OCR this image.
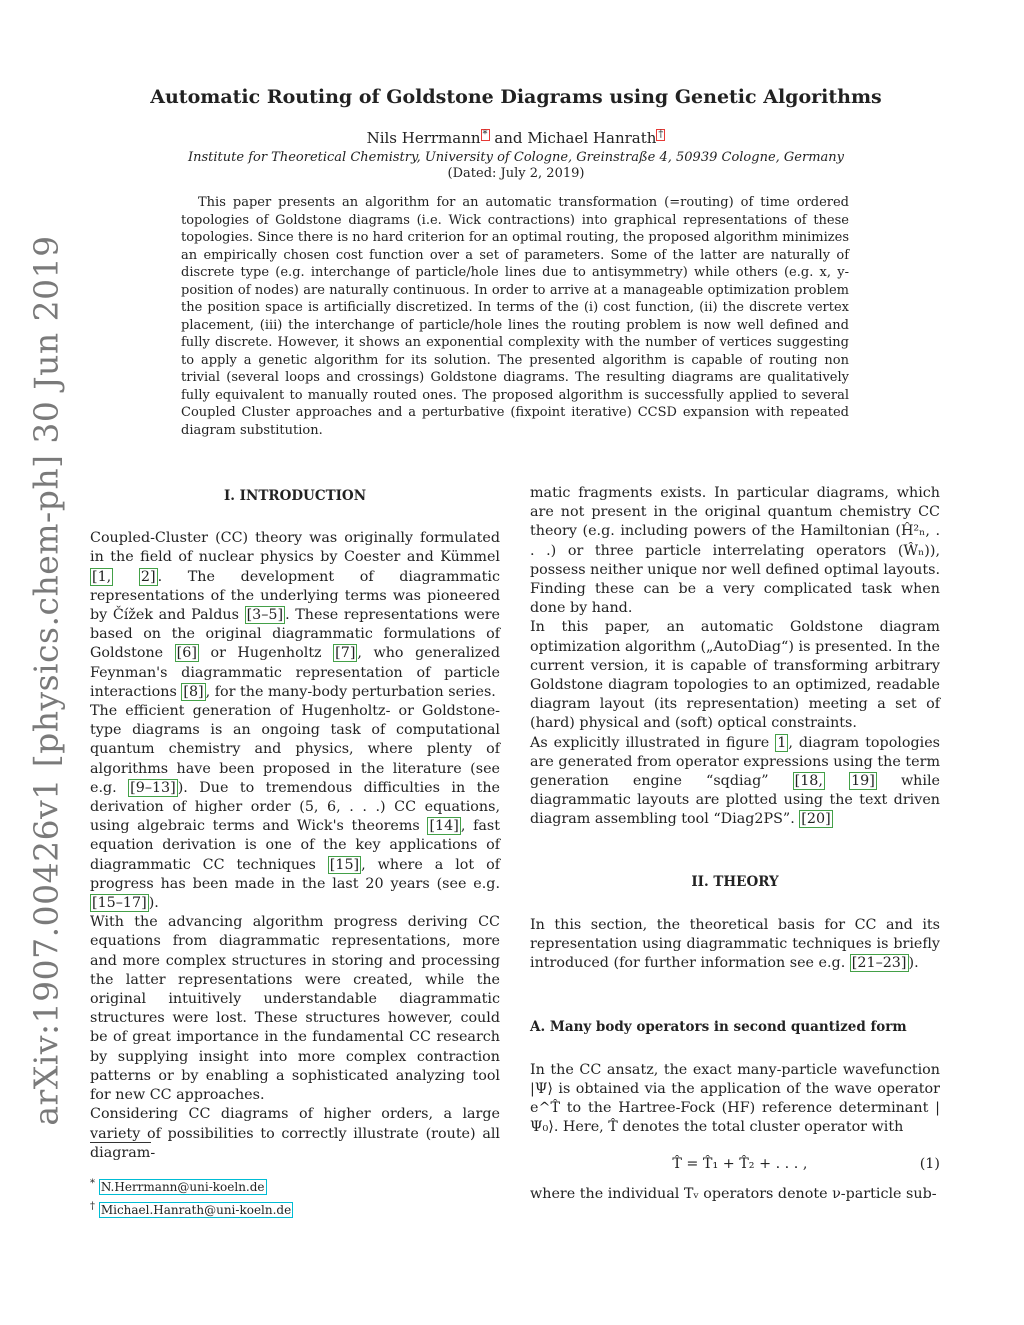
arXiv:1907.00426v1 [physics.chem-ph] 30 Jun 2019
Automatic Routing of Goldstone Diagrams using Genetic Algorithms
Nils Herrmann * and Michael Hanrath †
Institute for Theoretical Chemistry, University of Cologne, Greinstraße 4, 50939 Cologne, Germany
(Dated: July 2, 2019)

This paper presents an algorithm for an automatic transformation (=routing) of time ordered topologies of Goldstone diagrams (i.e. Wick contractions) into graphical representations of these topologies. Since there is no hard criterion for an optimal routing, the proposed algorithm minimizes an empirically chosen cost function over a set of parameters. Some of the latter are naturally of discrete type (e.g. interchange of particle/hole lines due to antisymmetry) while others (e.g. x, y-position of nodes) are naturally continuous. In order to arrive at a manageable optimization problem the position space is artificially discretized. In terms of the (i) cost function, (ii) the discrete vertex placement, (iii) the interchange of particle/hole lines the routing problem is now well defined and fully discrete. However, it shows an exponential complexity with the number of vertices suggesting to apply a genetic algorithm for its solution. The presented algorithm is capable of routing non trivial (several loops and crossings) Goldstone diagrams. The resulting diagrams are qualitatively fully equivalent to manually routed ones. The proposed algorithm is successfully applied to several Coupled Cluster approaches and a perturbative (fixpoint iterative) CCSD expansion with repeated diagram substitution.

I. INTRODUCTION

Coupled-Cluster (CC) theory was originally formulated in the field of nuclear physics by Coester and Kümmel [1, 2] . The development of diagrammatic representations of the underlying terms was pioneered by Čížek and Paldus [3–5] . These representations were based on the original diagrammatic formulations of Goldstone [6] or Hugenholtz [7] , who generalized Feynman's diagrammatic representation of particle interactions [8] , for the many-body perturbation series.

The efficient generation of Hugenholtz- or Goldstone-type diagrams is an ongoing task of computational quantum chemistry and physics, where plenty of algorithms have been proposed in the literature (see e.g. [9–13] ). Due to tremendous difficulties in the derivation of higher order (5, 6, . . .) CC equations, using algebraic terms and Wick's theorems [14] , fast equation derivation is one of the key applications of diagrammatic CC techniques [15] , where a lot of progress has been made in the last 20 years (see e.g. [15–17] ).

With the advancing algorithm progress deriving CC equations from diagrammatic representations, more and more complex structures in storing and processing the latter representations were created, while the original intuitively understandable diagrammatic structures were lost. These structures however, could be of great importance in the fundamental CC research by supplying insight into more complex contraction patterns or by enabling a sophisticated analyzing tool for new CC approaches.

Considering CC diagrams of higher orders, a large variety of possibilities to correctly illustrate (route) all diagram-

* N.Herrmann@uni-koeln.de
† Michael.Hanrath@uni-koeln.de

matic fragments exists. In particular diagrams, which are not present in the original quantum chemistry CC theory (e.g. including powers of the Hamiltonian (Ĥ²ₙ, . . .) or three particle interrelating operators (Ŵₙ)), possess neither unique nor well defined optimal layouts. Finding these can be a very complicated task when done by hand.

In this paper, an automatic Goldstone diagram optimization algorithm („AutoDiag“) is presented. In the current version, it is capable of transforming arbitrary Goldstone diagram topologies to an optimized, readable diagram layout (its representation) meeting a set of (hard) physical and (soft) optical constraints.

As explicitly illustrated in figure 1 , diagram topologies are generated from operator expressions using the term generation engine “sqdiag” [18, 19] while diagrammatic layouts are plotted using the text driven diagram assembling tool “Diag2PS”. [20]

II. THEORY

In this section, the theoretical basis for CC and its representation using diagrammatic techniques is briefly introduced (for further information see e.g. [21–23] ).

A. Many body operators in second quantized form

In the CC ansatz, the exact many-particle wavefunction |Ψ⟩ is obtained via the application of the wave operator e^T̂ to the Hartree-Fock (HF) reference determinant |Ψ₀⟩. Here, T̂ denotes the total cluster operator with

T̂ = T̂₁ + T̂₂ + . . . ,	(1)

where the individual Tᵥ operators denote ν-particle sub-
